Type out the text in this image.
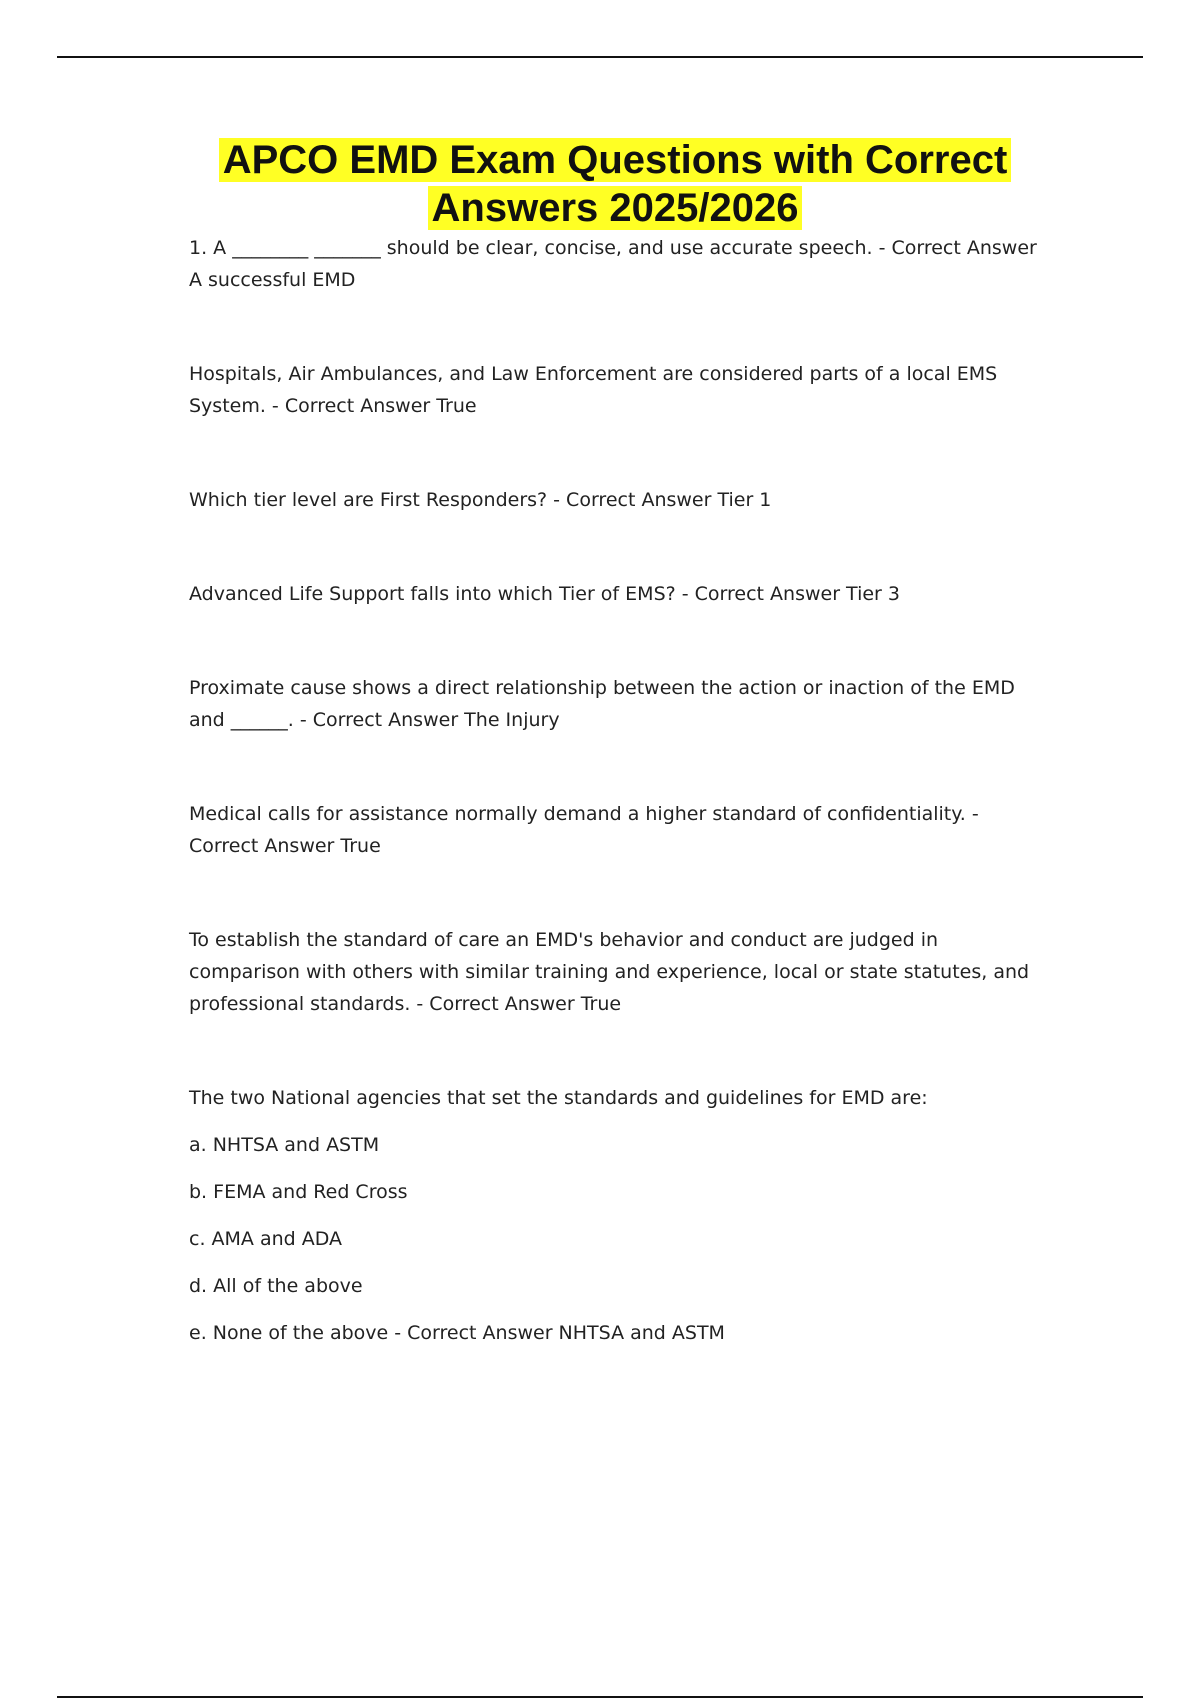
APCO EMD Exam Questions with Correct
Answers 2025/2026

1. A ________ _______ should be clear, concise, and use accurate speech. - Correct Answer A successful EMD

Hospitals, Air Ambulances, and Law Enforcement are considered parts of a local EMS System. - Correct Answer True

Which tier level are First Responders? - Correct Answer Tier 1

Advanced Life Support falls into which Tier of EMS? - Correct Answer Tier 3

Proximate cause shows a direct relationship between the action or inaction of the EMD and ______. - Correct Answer The Injury

Medical calls for assistance normally demand a higher standard of confidentiality. - Correct Answer True

To establish the standard of care an EMD's behavior and conduct are judged in comparison with others with similar training and experience, local or state statutes, and professional standards. - Correct Answer True

The two National agencies that set the standards and guidelines for EMD are:

a. NHTSA and ASTM

b. FEMA and Red Cross

c. AMA and ADA

d. All of the above

e. None of the above - Correct Answer NHTSA and ASTM
